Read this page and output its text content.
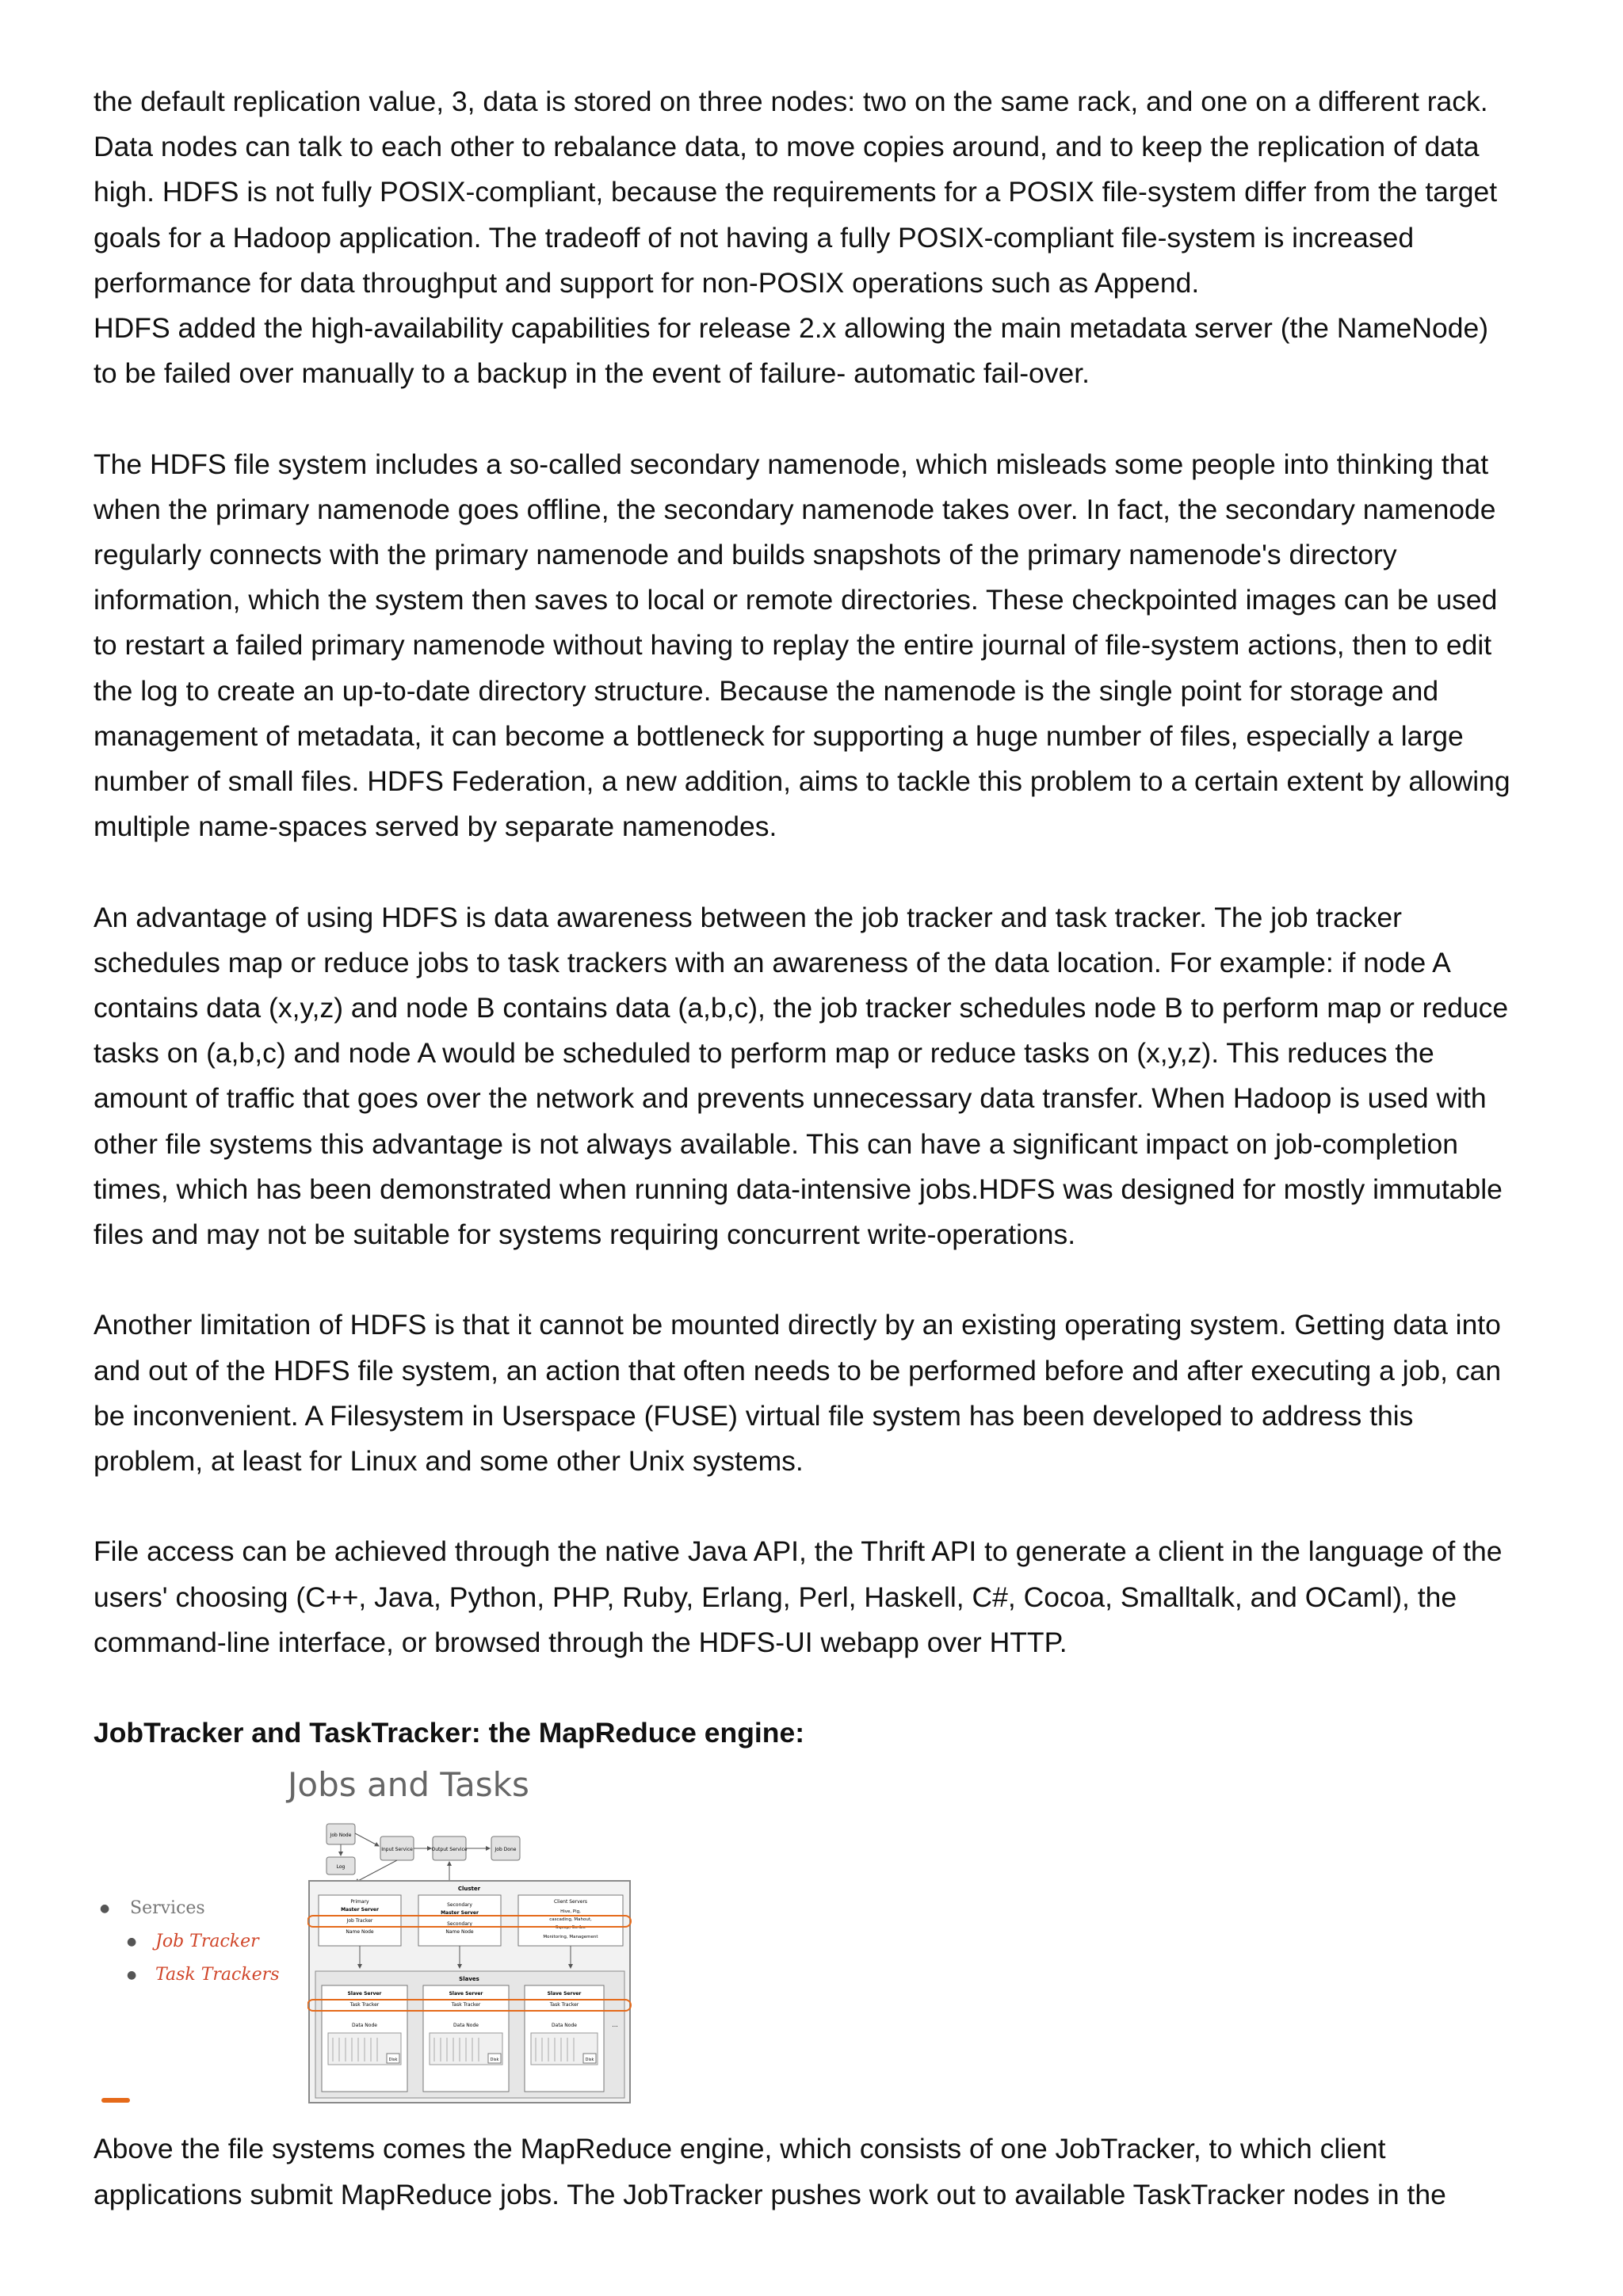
the default replication value, 3, data is stored on three nodes: two on the same rack, and one on a different rack.
Data nodes can talk to each other to rebalance data, to move copies around, and to keep the replication of data
high. HDFS is not fully POSIX-compliant, because the requirements for a POSIX file-system differ from the target
goals for a Hadoop application. The tradeoff of not having a fully POSIX-compliant file-system is increased
performance for data throughput and support for non-POSIX operations such as Append.
HDFS added the high-availability capabilities for release 2.x allowing the main metadata server (the NameNode)
to be failed over manually to a backup in the event of failure- automatic fail-over.

The HDFS file system includes a so-called secondary namenode, which misleads some people into thinking that
when the primary namenode goes offline, the secondary namenode takes over. In fact, the secondary namenode
regularly connects with the primary namenode and builds snapshots of the primary namenode's directory
information, which the system then saves to local or remote directories. These checkpointed images can be used
to restart a failed primary namenode without having to replay the entire journal of file-system actions, then to edit
the log to create an up-to-date directory structure. Because the namenode is the single point for storage and
management of metadata, it can become a bottleneck for supporting a huge number of files, especially a large
number of small files. HDFS Federation, a new addition, aims to tackle this problem to a certain extent by allowing
multiple name-spaces served by separate namenodes.

An advantage of using HDFS is data awareness between the job tracker and task tracker. The job tracker
schedules map or reduce jobs to task trackers with an awareness of the data location. For example: if node A
contains data (x,y,z) and node B contains data (a,b,c), the job tracker schedules node B to perform map or reduce
tasks on (a,b,c) and node A would be scheduled to perform map or reduce tasks on (x,y,z). This reduces the
amount of traffic that goes over the network and prevents unnecessary data transfer. When Hadoop is used with
other file systems this advantage is not always available. This can have a significant impact on job-completion
times, which has been demonstrated when running data-intensive jobs.HDFS was designed for mostly immutable
files and may not be suitable for systems requiring concurrent write-operations.

Another limitation of HDFS is that it cannot be mounted directly by an existing operating system. Getting data into
and out of the HDFS file system, an action that often needs to be performed before and after executing a job, can
be inconvenient. A Filesystem in Userspace (FUSE) virtual file system has been developed to address this
problem, at least for Linux and some other Unix systems.

File access can be achieved through the native Java API, the Thrift API to generate a client in the language of the
users' choosing (C++, Java, Python, PHP, Ruby, Erlang, Perl, Haskell, C#, Cocoa, Smalltalk, and OCaml), the
command-line interface, or browsed through the HDFS-UI webapp over HTTP.

JobTracker and TaskTracker: the MapReduce engine:

Jobs and Tasks
● Services
● Job Tracker
● Task Trackers
Job Node
Log
Input Service	Output Service	Job Done
Cluster
Primary
Master Server
Job Tracker
Name Node
Secondary
Master Server
Secondary
Name Node
Client Servers
Hive, Pig,
cascading, Mahout,
Sqoop, Scribe
Monitoring, Management
Slaves
Slave Server
Task Tracker
Data Node
Disk
Slave Server
Task Tracker
Data Node
Disk
Slave Server
Task Tracker
Data Node
Disk
...

Above the file systems comes the MapReduce engine, which consists of one JobTracker, to which client
applications submit MapReduce jobs. The JobTracker pushes work out to available TaskTracker nodes in the
